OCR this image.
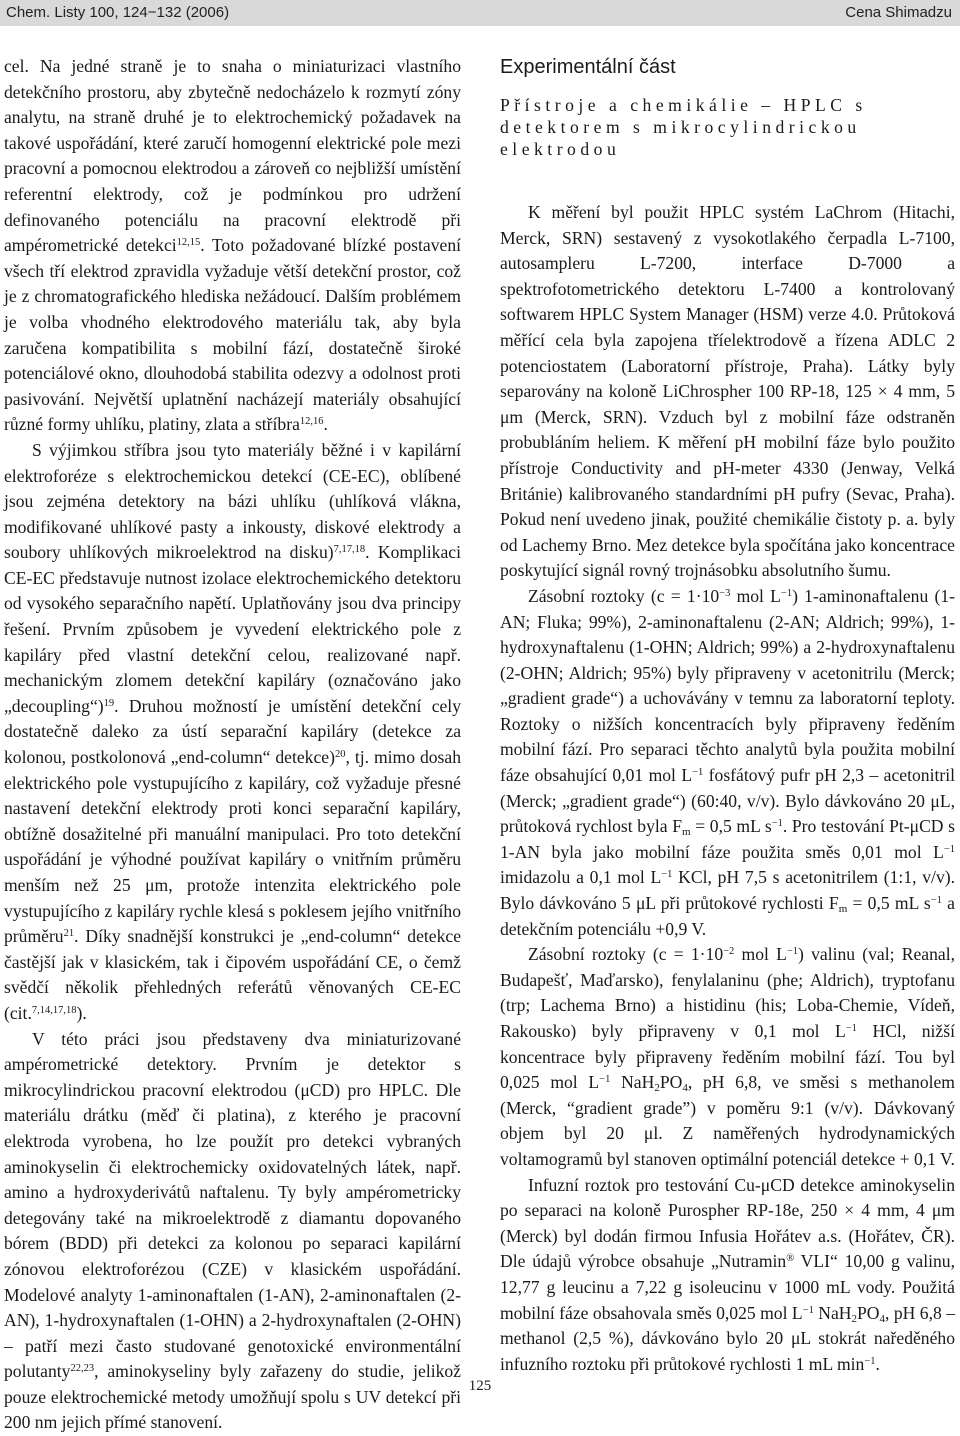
Chem. Listy 100, 124−132 (2006)	Cena Shimadzu

cel. Na jedné straně je to snaha o miniaturizaci vlastního detekčního prostoru, aby zbytečně nedocházelo k rozmytí zóny analytu, na straně druhé je to elektrochemický požadavek na takové uspořádání, které zaručí homogenní elektrické pole mezi pracovní a pomocnou elektrodou a zároveň co nejbližší umístění referentní elektrody, což je podmínkou pro udržení definovaného potenciálu na pracovní elektrodě při ampérometrické detekci$^{12,15}$. Toto požadované blízké postavení všech tří elektrod zpravidla vyžaduje větší detekční prostor, což je z chromatografického hlediska nežádoucí. Dalším problémem je volba vhodného elektrodového materiálu tak, aby byla zaručena kompatibilita s mobilní fází, dostatečně široké potenciálové okno, dlouhodobá stabilita odezvy a odolnost proti pasivování. Největší uplatnění nacházejí materiály obsahující různé formy uhlíku, platiny, zlata a stříbra$^{12,16}$.

S výjimkou stříbra jsou tyto materiály běžné i v kapilární elektroforéze s elektrochemickou detekcí (CE-EC), oblíbené jsou zejména detektory na bázi uhlíku (uhlíková vlákna, modifikované uhlíkové pasty a inkousty, diskové elektrody a soubory uhlíkových mikroelektrod na disku)$^{7,17,18}$. Komplikaci CE-EC představuje nutnost izolace elektrochemického detektoru od vysokého separačního napětí. Uplatňovány jsou dva principy řešení. Prvním způsobem je vyvedení elektrického pole z kapiláry před vlastní detekční celou, realizované např. mechanickým zlomem detekční kapiláry (označováno jako „decoupling“)$^{19}$. Druhou možností je umístění detekční cely dostatečně daleko za ústí separační kapiláry (detekce za kolonou, postkolonová „end-column“ detekce)$^{20}$, tj. mimo dosah elektrického pole vystupujícího z kapiláry, což vyžaduje přesné nastavení detekční elektrody proti konci separační kapiláry, obtížně dosažitelné při manuální manipulaci. Pro toto detekční uspořádání je výhodné používat kapiláry o vnitřním průměru menším než 25 μm, protože intenzita elektrického pole vystupujícího z kapiláry rychle klesá s poklesem jejího vnitřního průměru$^{21}$. Díky snadnější konstrukci je „end-column“ detekce častější jak v klasickém, tak i čipovém uspořádání CE, o čemž svědčí několik přehledných referátů věnovaných CE-EC (cit.$^{7,14,17,18}$).

V této práci jsou představeny dva miniaturizované ampérometrické detektory. Prvním je detektor s mikrocylindrickou pracovní elektrodou (μCD) pro HPLC. Dle materiálu drátku (měď či platina), z kterého je pracovní elektroda vyrobena, ho lze použít pro detekci vybraných aminokyselin či elektrochemicky oxidovatelných látek, např. amino a hydroxyderivátů naftalenu. Ty byly ampérometricky detegovány také na mikroelektrodě z diamantu dopovaného bórem (BDD) při detekci za kolonou po separaci kapilární zónovou elektroforézou (CZE) v klasickém uspořádání. Modelové analyty 1-aminonaftalen (1-AN), 2-aminonaftalen (2-AN), 1-hydroxynaftalen (1-OHN) a 2-hydroxynaftalen (2-OHN) – patří mezi často studované genotoxické environmentální polutanty$^{22,23}$, aminokyseliny byly zařazeny do studie, jelikož pouze elektrochemické metody umožňují spolu s UV detekcí při 200 nm jejich přímé stanovení.

Experimentální část

Přístroje a chemikálie – HPLC s detektorem s mikrocylindrickou elektrodou

K měření byl použit HPLC systém LaChrom (Hitachi, Merck, SRN) sestavený z vysokotlakého čerpadla L-7100, autosampleru L-7200, interface D-7000 a spektrofotometrického detektoru L-7400 a kontrolovaný softwarem HPLC System Manager (HSM) verze 4.0. Průtoková měřící cela byla zapojena tříelektrodově a řízena ADLC 2 potenciostatem (Laboratorní přístroje, Praha). Látky byly separovány na koloně LiChrospher 100 RP-18, 125 × 4 mm, 5 μm (Merck, SRN). Vzduch byl z mobilní fáze odstraněn probubláním heliem. K měření pH mobilní fáze bylo použito přístroje Conductivity and pH-meter 4330 (Jenway, Velká Británie) kalibrovaného standardními pH pufry (Sevac, Praha). Pokud není uvedeno jinak, použité chemikálie čistoty p. a. byly od Lachemy Brno. Mez detekce byla spočítána jako koncentrace poskytující signál rovný trojnásobku absolutního šumu.

Zásobní roztoky ($c = 1\cdot 10^{-3}$ mol $L^{-1}$) 1-aminonaftalenu (1-AN; Fluka; 99%), 2-aminonaftalenu (2-AN; Aldrich; 99%), 1-hydroxynaftalenu (1-OHN; Aldrich; 99%) a 2-hydroxynaftalenu (2-OHN; Aldrich; 95%) byly připraveny v acetonitrilu (Merck; „gradient grade“) a uchovávány v temnu za laboratorní teploty. Roztoky o nižších koncentracích byly připraveny ředěním mobilní fází. Pro separaci těchto analytů byla použita mobilní fáze obsahující 0,01 mol $L^{-1}$ fosfátový pufr pH 2,3 – acetonitril (Merck; „gradient grade“) (60:40, v/v). Bylo dávkováno 20 μL, průtoková rychlost byla $F_m = 0,5$ mL $s^{-1}$. Pro testování Pt-μCD s 1-AN byla jako mobilní fáze použita směs 0,01 mol $L^{-1}$ imidazolu a 0,1 mol $L^{-1}$ KCl, pH 7,5 s acetonitrilem (1:1, v/v). Bylo dávkováno 5 μL při průtokové rychlosti $F_m = 0,5$ mL $s^{-1}$ a detekčním potenciálu +0,9 V.

Zásobní roztoky ($c = 1\cdot 10^{-2}$ mol $L^{-1}$) valinu (val; Reanal, Budapešť, Maďarsko), fenylalaninu (phe; Aldrich), tryptofanu (trp; Lachema Brno) a histidinu (his; Loba-Chemie, Vídeň, Rakousko) byly připraveny v 0,1 mol $L^{-1}$ HCl, nižší koncentrace byly připraveny ředěním mobilní fází. Tou byl 0,025 mol $L^{-1}$ $NaH_2PO_4$, pH 6,8, ve směsi s methanolem (Merck, “gradient grade”) v poměru 9:1 (v/v). Dávkovaný objem byl 20 μl. Z naměřených hydrodynamických voltamogramů byl stanoven optimální potenciál detekce + 0,1 V.

Infuzní roztok pro testování Cu-μCD detekce aminokyselin po separaci na koloně Purospher RP-18e, 250 × 4 mm, 4 μm (Merck) byl dodán firmou Infusia Hořátev a.s. (Hořátev, ČR). Dle údajů výrobce obsahuje „Nutramin® VLI“ 10,00 g valinu, 12,77 g leucinu a 7,22 g isoleucinu v 1000 mL vody. Použitá mobilní fáze obsahovala směs 0,025 mol $L^{-1}$ $NaH_2PO_4$, pH 6,8 – methanol (2,5 %), dávkováno bylo 20 μL stokrát naředěného infuzního roztoku při průtokové rychlosti 1 mL $\min^{-1}$.

125
